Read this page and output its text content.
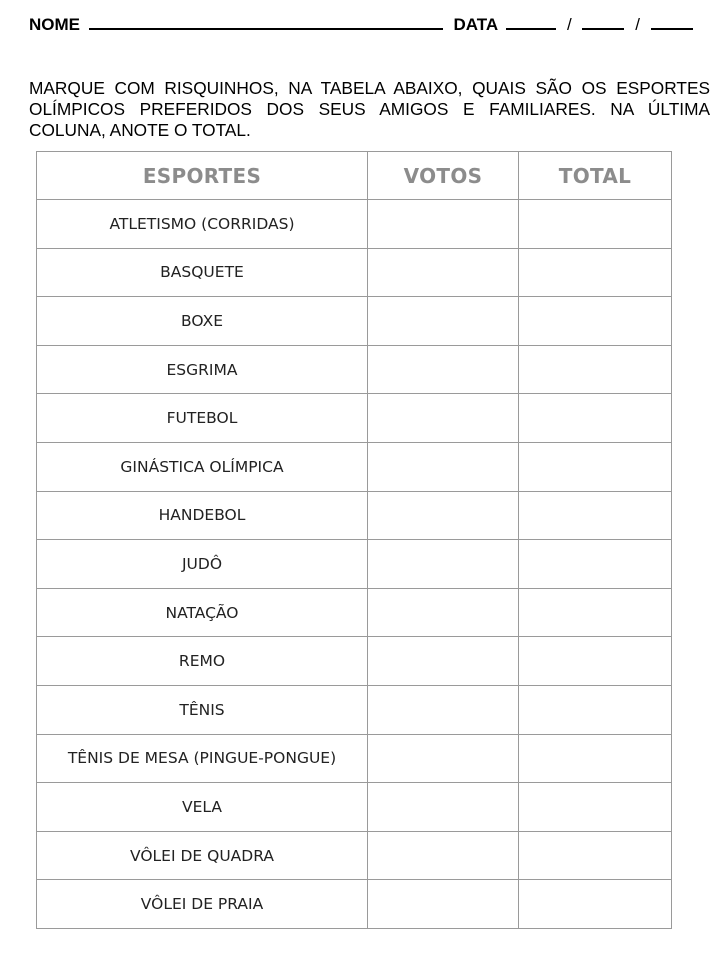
NOME	DATA	/	/
MARQUE COM RISQUINHOS, NA TABELA ABAIXO, QUAIS SÃO OS ESPORTES OLÍMPICOS PREFERIDOS DOS SEUS AMIGOS E FAMILIARES. NA ÚLTIMA COLUNA, ANOTE O TOTAL.
ESPORTES	VOTOS	TOTAL
ATLETISMO (CORRIDAS)		
BASQUETE		
BOXE		
ESGRIMA		
FUTEBOL		
GINÁSTICA OLÍMPICA		
HANDEBOL		
JUDÔ		
NATAÇÃO		
REMO		
TÊNIS		
TÊNIS DE MESA (PINGUE-PONGUE)		
VELA		
VÔLEI DE QUADRA		
VÔLEI DE PRAIA		
